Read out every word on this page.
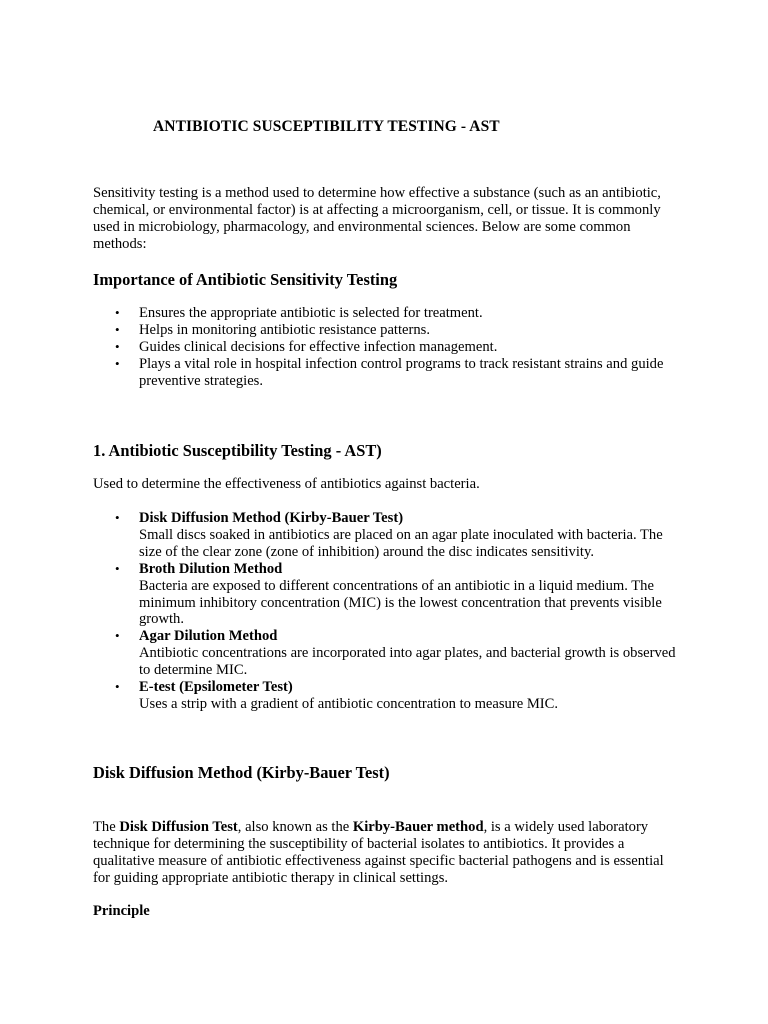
ANTIBIOTIC SUSCEPTIBILITY TESTING - AST

Sensitivity testing is a method used to determine how effective a substance (such as an antibiotic, chemical, or environmental factor) is at affecting a microorganism, cell, or tissue. It is commonly used in microbiology, pharmacology, and environmental sciences. Below are some common methods:

Importance of Antibiotic Sensitivity Testing
• Ensures the appropriate antibiotic is selected for treatment.
• Helps in monitoring antibiotic resistance patterns.
• Guides clinical decisions for effective infection management.
• Plays a vital role in hospital infection control programs to track resistant strains and guide preventive strategies.
1. Antibiotic Susceptibility Testing - AST)

Used to determine the effectiveness of antibiotics against bacteria.

• Disk Diffusion Method (Kirby-Bauer Test)
Small discs soaked in antibiotics are placed on an agar plate inoculated with bacteria. The size of the clear zone (zone of inhibition) around the disc indicates sensitivity.
• Broth Dilution Method
Bacteria are exposed to different concentrations of an antibiotic in a liquid medium. The minimum inhibitory concentration (MIC) is the lowest concentration that prevents visible growth.
• Agar Dilution Method
Antibiotic concentrations are incorporated into agar plates, and bacterial growth is observed to determine MIC.
• E-test (Epsilometer Test)
Uses a strip with a gradient of antibiotic concentration to measure MIC.
Disk Diffusion Method (Kirby-Bauer Test)

The Disk Diffusion Test, also known as the Kirby-Bauer method, is a widely used laboratory technique for determining the susceptibility of bacterial isolates to antibiotics. It provides a qualitative measure of antibiotic effectiveness against specific bacterial pathogens and is essential for guiding appropriate antibiotic therapy in clinical settings.

Principle
